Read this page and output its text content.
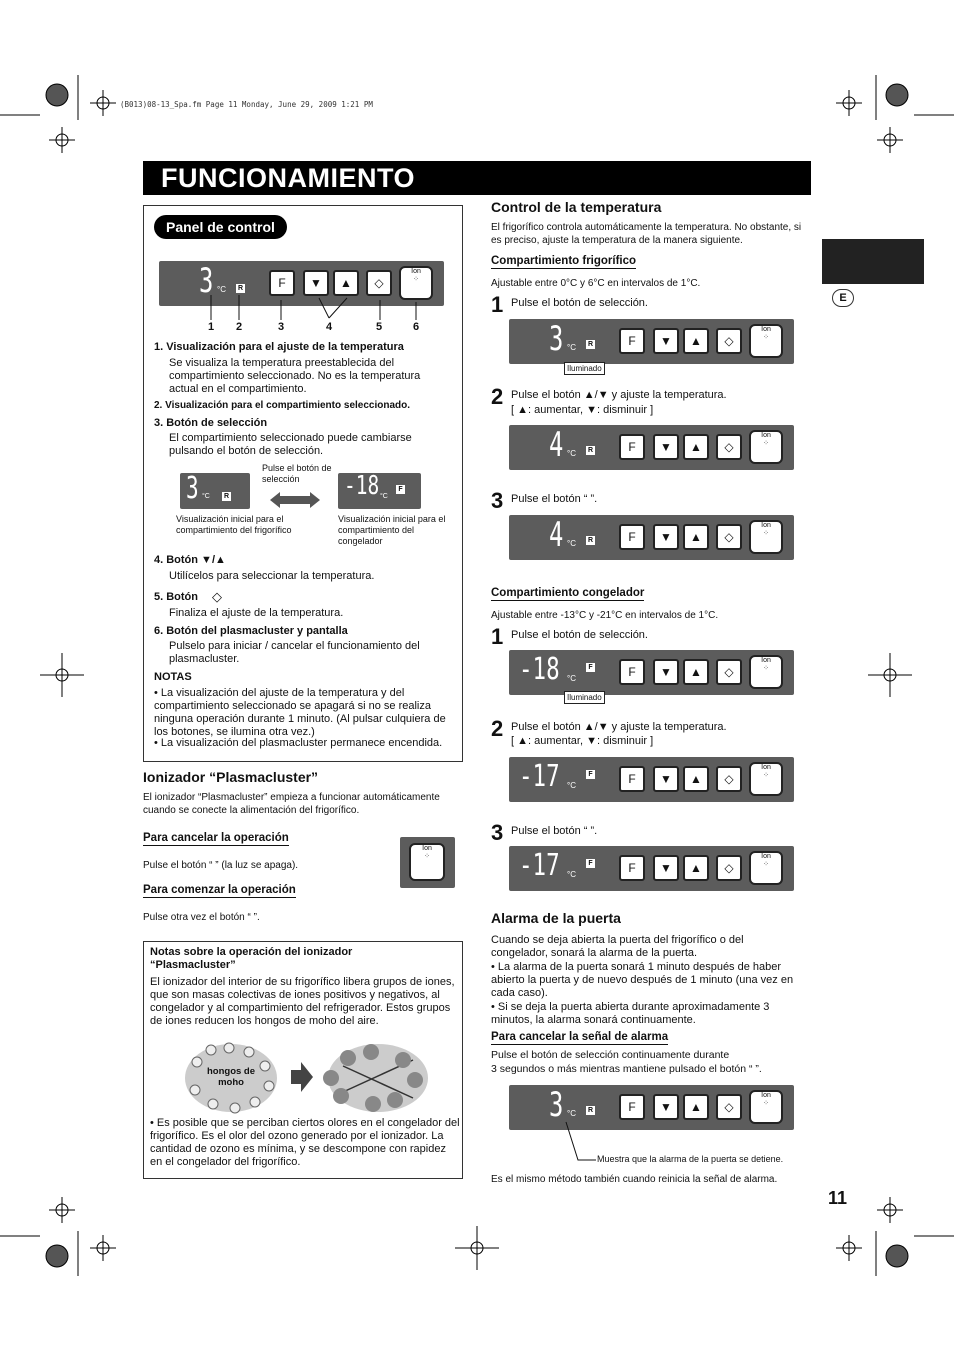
(B013)08-13_Spa.fm Page 11 Monday, June 29, 2009 1:21 PM
FUNCIONAMIENTO
E
Panel de control
3 °C R	F	▼	▲	◇
Ion
⁘
1 2	3	4	5	6
1. Visualización para el ajuste de la temperatura
Se visualiza la temperatura preestablecida del compartimiento seleccionado. No es la temperatura actual en el compartimiento.
2. Visualización para el compartimiento seleccionado.
3. Botón de selección
El compartimiento seleccionado puede cambiarse pulsando el botón de selección.
3 °C R
Pulse el botón de selección	-18 °C
F
Visualización inicial para el compartimiento del frigorífico
Visualización inicial para el compartimiento del congelador
4. Botón ▼/▲
Utilícelos para seleccionar la temperatura.
5. Botón ◇
Finaliza el ajuste de la temperatura.
6. Botón del plasmacluster y pantalla
Pulselo para iniciar / cancelar el funcionamiento del plasmacluster.
NOTAS
• La visualización del ajuste de la temperatura y del compartimiento seleccionado se apagará si no se realiza ninguna operación durante 1 minuto. (Al pulsar culquiera de los botones, se ilumina otra vez.)
• La visualización del plasmacluster permanece encendida.
Ionizador “Plasmacluster”
El ionizador “Plasmacluster” empieza a funcionar automáticamente cuando se conecte la alimentación del frigorífico.
Para cancelar la operación
Pulse el botón “ ” (la luz se apaga).
Para comenzar la operación
Pulse otra vez el botón “ ”.
Ion
⁘
Notas sobre la operación del ionizador “Plasmacluster”
El ionizador del interior de su frigorífico libera grupos de iones, que son masas colectivas de iones positivos y negativos, al congelador y al compartimiento del refrigerador. Estos grupos de iones reducen los hongos de moho del aire.
hongos de moho
• Es posible que se perciban ciertos olores en el congelador del frigorífico. Es el olor del ozono generado por el ionizador. La cantidad de ozono es mínima, y se descompone con rapidez en el congelador del frigorífico.
Control de la temperatura
El frigorífico controla automáticamente la temperatura. No obstante, si es preciso, ajuste la temperatura de la manera siguiente.
Compartimiento frigorífico
Ajustable entre 0°C y 6°C en intervalos de 1°C.
1 Pulse el botón de selección.
3 °C R	F	▼	▲	◇
Ion
⁘
Iluminado
2 Pulse el botón ▲/▼ y ajuste la temperatura.
[ ▲: aumentar, ▼: disminuir ]
4 °C R	F	▼	▲	◇
Ion
⁘
3 Pulse el botón “ ”.
4 °C R	F	▼	▲	◇
Ion
⁘
Compartimiento congelador
Ajustable entre -13°C y -21°C en intervalos de 1°C.
1 Pulse el botón de selección.
-18 °C
F	F	▼	▲	◇
Ion
⁘
Iluminado
2 Pulse el botón ▲/▼ y ajuste la temperatura.
[ ▲: aumentar, ▼: disminuir ]
-17 °C
F	F	▼	▲	◇
Ion
⁘
3 Pulse el botón “ ”.
-17 °C
F	F	▼	▲	◇
Ion
⁘
Alarma de la puerta
Cuando se deja abierta la puerta del frigorífico o del congelador, sonará la alarma de la puerta.
• La alarma de la puerta sonará 1 minuto después de haber abierto la puerta y de nuevo después de 1 minuto (una vez en cada caso).
• Si se deja la puerta abierta durante aproximadamente 3 minutos, la alarma sonará continuamente.
Para cancelar la señal de alarma
Pulse el botón de selección continuamente durante
3 segundos o más mientras mantiene pulsado el botón “ ”.
3 °C R	F	▼	▲	◇
Ion
⁘
Muestra que la alarma de la puerta se detiene.
Es el mismo método también cuando reinicia la señal de alarma.
11
